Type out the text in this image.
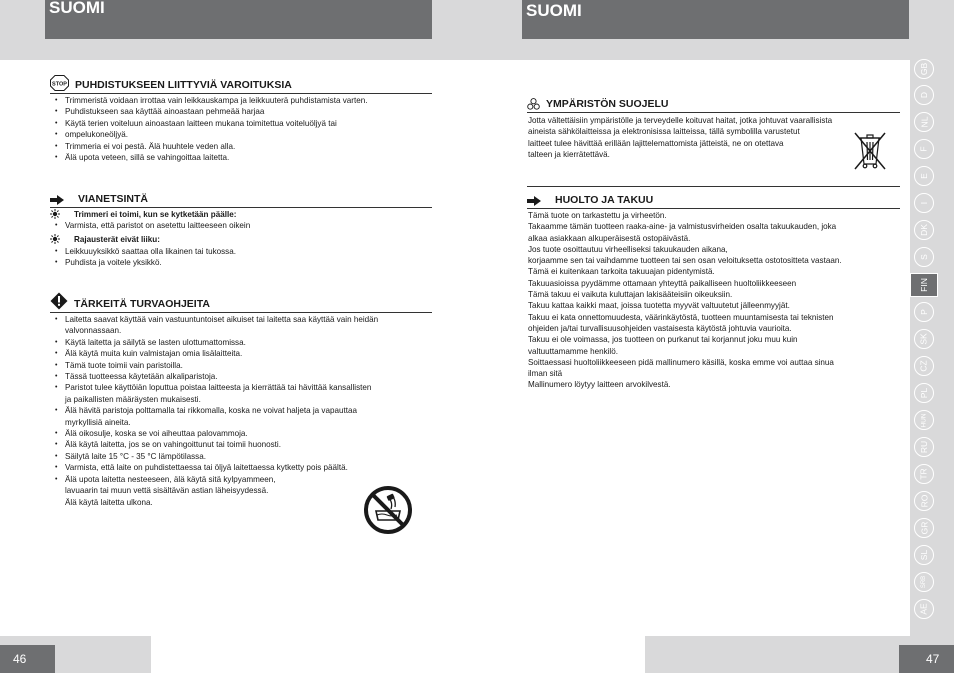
SUOMI	SUOMI
STOP PUHDISTUKSEEN LIITTYVIÄ VAROITUKSIA
• Trimmeristä voidaan irrottaa vain leikkauskampa ja leikkuuterä puhdistamista varten.
• Puhdistukseen saa käyttää ainoastaan pehmeää harjaa
• Käytä terien voiteluun ainoastaan laitteen mukana toimitettua voiteluöljyä tai
• ompelukoneöljyä.
• Trimmeria ei voi pestä. Älä huuhtele veden alla.
• Älä upota veteen, sillä se vahingoittaa laitetta.
VIANETSINTÄ
Trimmeri ei toimi, kun se kytketään päälle:
• Varmista, että paristot on asetettu laitteeseen oikein
Rajausterät eivät liiku:
• Leikkuuyksikkö saattaa olla likainen tai tukossa.
• Puhdista ja voitele yksikkö.
TÄRKEITÄ TURVAOHJEITA
• Laitetta saavat käyttää vain vastuuntuntoiset aikuiset tai laitetta saa käyttää vain heidän
valvonnassaan.
• Käytä laitetta ja säilytä se lasten ulottumattomissa.
• Älä käytä muita kuin valmistajan omia lisälaitteita.
• Tämä tuote toimii vain paristoilla.
• Tässä tuotteessa käytetään alkaliparistoja.
• Paristot tulee käyttöiän loputtua poistaa laitteesta ja kierrättää tai hävittää kansallisten
ja paikallisten määräysten mukaisesti.
• Älä hävitä paristoja polttamalla tai rikkomalla, koska ne voivat haljeta ja vapauttaa
myrkyllisiä aineita.
• Älä oikosulje, koska se voi aiheuttaa palovammoja.
• Älä käytä laitetta, jos se on vahingoittunut tai toimii huonosti.
• Säilytä laite 15 °C - 35 °C lämpötilassa.
• Varmista, että laite on puhdistettaessa tai öljyä laitettaessa kytketty pois päältä.
• Älä upota laitetta nesteeseen, älä käytä sitä kylpyammeen,
lavuaarin tai muun vettä sisältävän astian läheisyydessä.
Älä käytä laitetta ulkona.
YMPÄRISTÖN SUOJELU
Jotta vältettäisiin ympäristölle ja terveydelle koituvat haitat, jotka johtuvat vaarallisista
aineista sähkölaitteissa ja elektronisissa laitteissa, tällä symbolilla varustetut
laitteet tulee hävittää erillään lajittelemattomista jätteistä, ne on otettava
talteen ja kierrätettävä.
HUOLTO JA TAKUU
Tämä tuote on tarkastettu ja virheetön.
Takaamme tämän tuotteen raaka-aine- ja valmistusvirheiden osalta takuukauden, joka
alkaa asiakkaan alkuperäisestä ostopäivästä.
Jos tuote osoittautuu virheelliseksi takuukauden aikana,
korjaamme sen tai vaihdamme tuotteen tai sen osan veloituksetta ostotositteta vastaan.
Tämä ei kuitenkaan tarkoita takuuajan pidentymistä.
Takuuasioissa pyydämme ottamaan yhteyttä paikalliseen huoltoliikkeeseen
Tämä takuu ei vaikuta kuluttajan lakisääteisiin oikeuksiin.
Takuu kattaa kaikki maat, joissa tuotetta myyvät valtuutetut jälleenmyyjät.
Takuu ei kata onnettomuudesta, väärinkäytöstä, tuotteen muuntamisesta tai teknisten
ohjeiden ja/tai turvallisuusohjeiden vastaisesta käytöstä johtuvia vaurioita.
Takuu ei ole voimassa, jos tuotteen on purkanut tai korjannut joku muu kuin
valtuuttamamme henkilö.
Soittaessasi huoltoliikkeeseen pidä mallinumero käsillä, koska emme voi auttaa sinua
ilman sitä
Mallinumero löytyy laitteen arvokilvestä.
GB
D
NL
F
E
I
DK
S
FIN
P
SK
CZ
PL
HUN
RU
TR
RO
GR
SL
SRB
AE
46	47
